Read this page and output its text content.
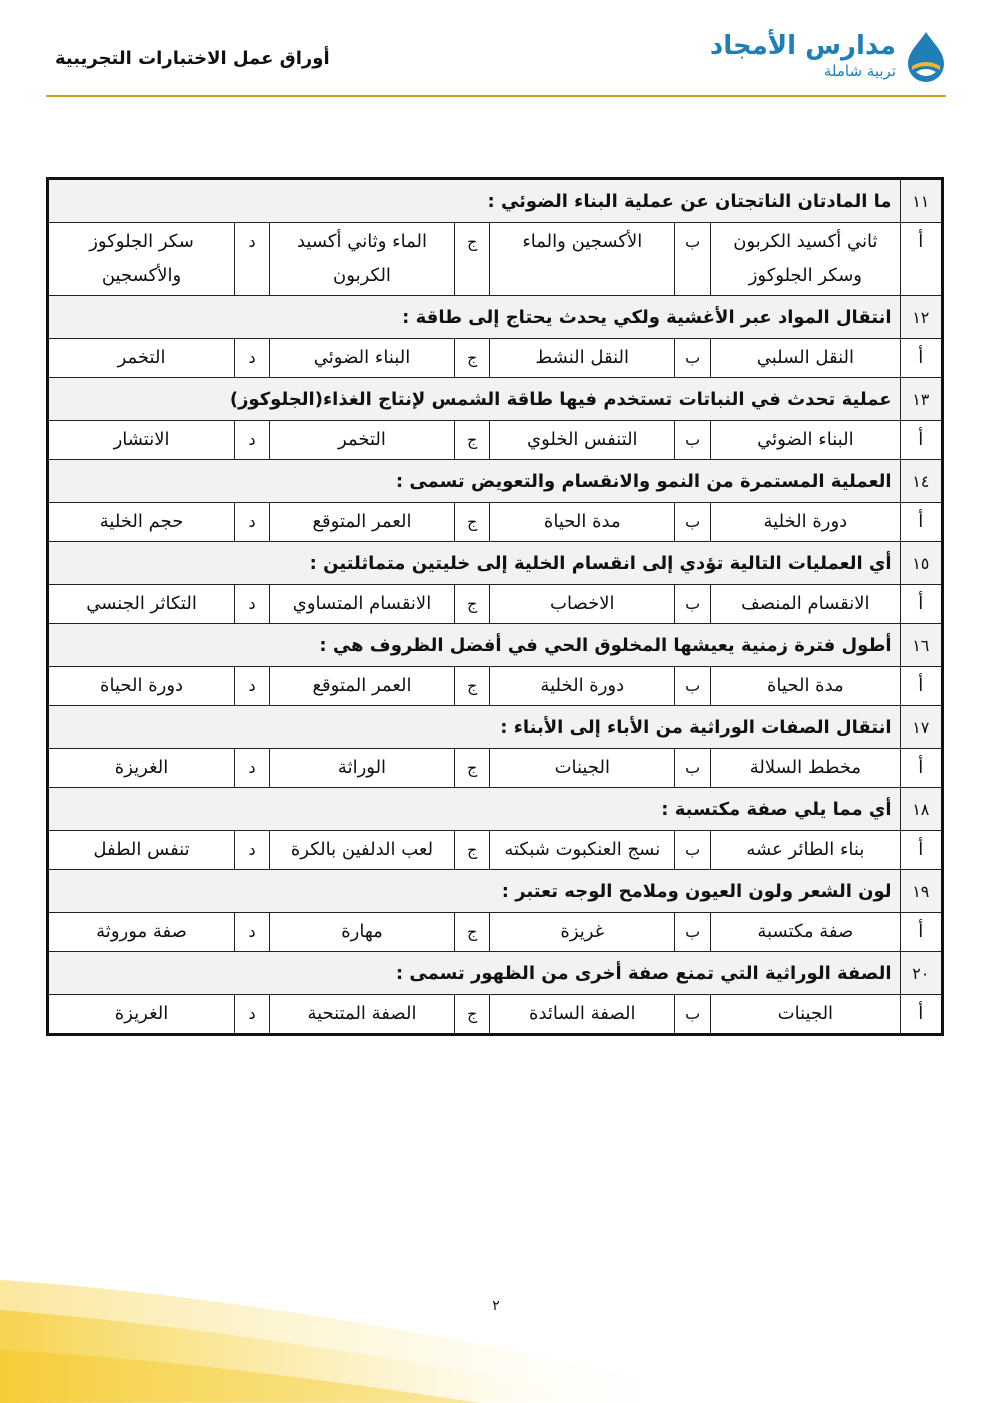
مدارس الأمجاد
تربية شاملة
أوراق عمل الاختبارات التجريبية
١١	ما المادتان الناتجتان عن عملية البناء الضوئي :						
أ	ثاني أكسيد الكربون وسكر الجلوكوز	ب	الأكسجين والماء	ج	الماء وثاني أكسيد الكربون	د	سكر الجلوكوز والأكسجين
١٢	انتقال المواد عبر الأغشية ولكي يحدث يحتاج إلى طاقة :						
أ	النقل السلبي	ب	النقل النشط	ج	البناء الضوئي	د	التخمر
١٣	عملية تحدث في النباتات تستخدم فيها طاقة الشمس لإنتاج الغذاء(الجلوكوز)						
أ	البناء الضوئي	ب	التنفس الخلوي	ج	التخمر	د	الانتشار
١٤	العملية المستمرة من النمو والانقسام والتعويض تسمى :						
أ	دورة الخلية	ب	مدة الحياة	ج	العمر المتوقع	د	حجم الخلية
١٥	أي العمليات التالية تؤدي إلى انقسام الخلية إلى خليتين متماثلتين :						
أ	الانقسام المنصف	ب	الاخصاب	ج	الانقسام المتساوي	د	التكاثر الجنسي
١٦	أطول فترة زمنية يعيشها المخلوق الحي في أفضل الظروف هي :						
أ	مدة الحياة	ب	دورة الخلية	ج	العمر المتوقع	د	دورة الحياة
١٧	انتقال الصفات الوراثية من الأباء إلى الأبناء :						
أ	مخطط السلالة	ب	الجينات	ج	الوراثة	د	الغريزة
١٨	أي مما يلي صفة مكتسبة :						
أ	بناء الطائر عشه	ب	نسج العنكبوت شبكته	ج	لعب الدلفين بالكرة	د	تنفس الطفل
١٩	لون الشعر ولون العيون وملامح الوجه تعتبر :						
أ	صفة مكتسبة	ب	غريزة	ج	مهارة	د	صفة موروثة
٢٠	الصفة الوراثية التي تمنع صفة أخرى من الظهور تسمى :						
أ	الجينات	ب	الصفة السائدة	ج	الصفة المتنحية	د	الغريزة
٢
